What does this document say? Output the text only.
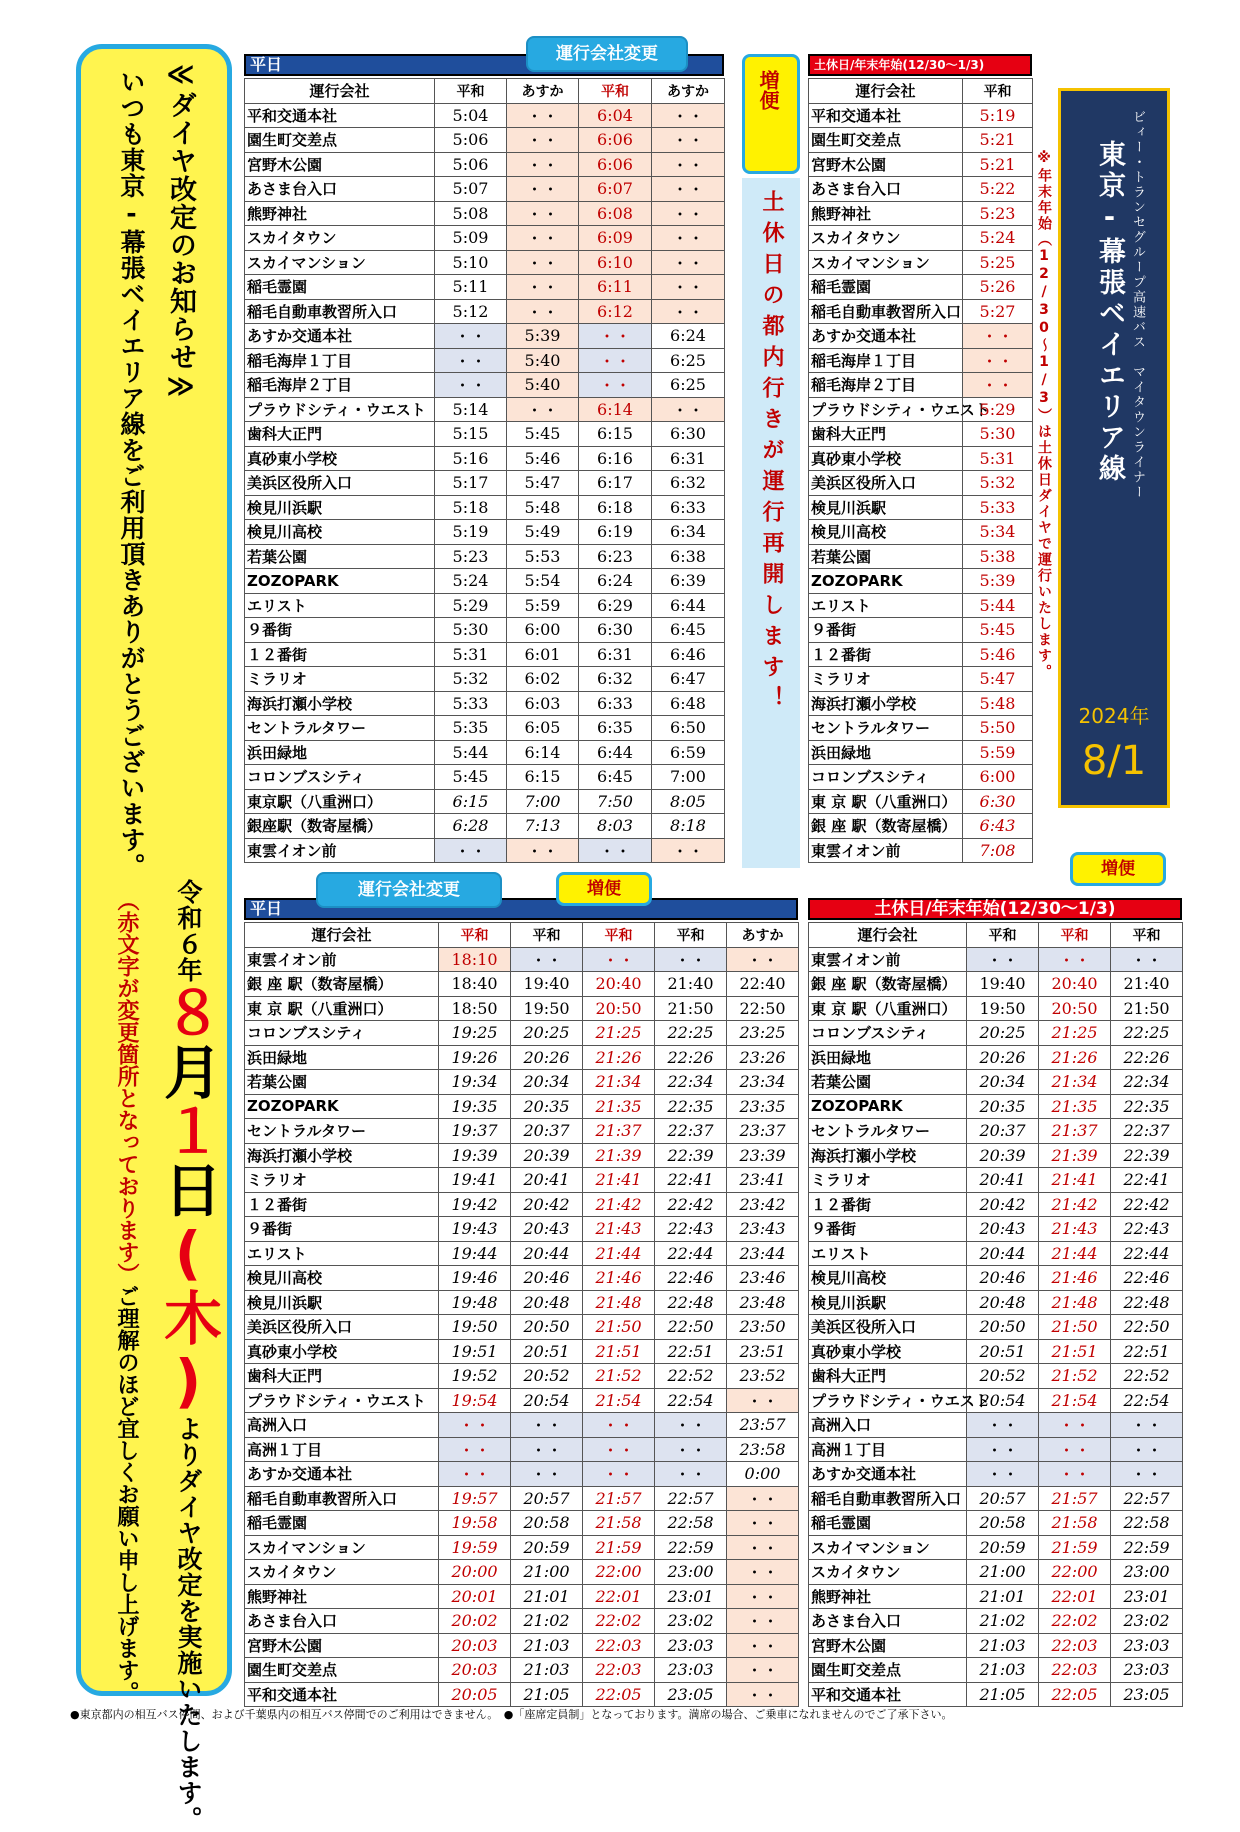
≪ダイヤ改定のお知らせ≫
いつも東京-幕張ベイエリア線をご利用頂きありがとうございます。
令和６年８月１日(木)よりダイヤ改定を実施いたします。
（赤文字が変更箇所となっております）ご理解のほど宜しくお願い申し上げます。
平日
運行会社	平和	あすか	平和	あすか
平和交通本社	5:04	・・	6:04	・・
園生町交差点	5:06	・・	6:06	・・
宮野木公園	5:06	・・	6:06	・・
あさま台入口	5:07	・・	6:07	・・
熊野神社	5:08	・・	6:08	・・
スカイタウン	5:09	・・	6:09	・・
スカイマンション	5:10	・・	6:10	・・
稲毛霊園	5:11	・・	6:11	・・
稲毛自動車教習所入口	5:12	・・	6:12	・・
あすか交通本社	・・	5:39	・・	6:24
稲毛海岸１丁目	・・	5:40	・・	6:25
稲毛海岸２丁目	・・	5:40	・・	6:25
プラウドシティ・ウエスト	5:14	・・	6:14	・・
歯科大正門	5:15	5:45	6:15	6:30
真砂東小学校	5:16	5:46	6:16	6:31
美浜区役所入口	5:17	5:47	6:17	6:32
検見川浜駅	5:18	5:48	6:18	6:33
検見川高校	5:19	5:49	6:19	6:34
若葉公園	5:23	5:53	6:23	6:38
ZOZOPARK	5:24	5:54	6:24	6:39
エリスト	5:29	5:59	6:29	6:44
９番街	5:30	6:00	6:30	6:45
１２番街	5:31	6:01	6:31	6:46
ミラリオ	5:32	6:02	6:32	6:47
海浜打瀬小学校	5:33	6:03	6:33	6:48
セントラルタワー	5:35	6:05	6:35	6:50
浜田緑地	5:44	6:14	6:44	6:59
コロンブスシティ	5:45	6:15	6:45	7:00
東京駅（八重洲口）	6:15	7:00	7:50	8:05
銀座駅（数寄屋橋）	6:28	7:13	8:03	8:18
東雲イオン前	・・	・・	・・	・・
運行会社変更
土休日/年末年始(12/30～1/3)
運行会社	平和
平和交通本社	5:19
園生町交差点	5:21
宮野木公園	5:21
あさま台入口	5:22
熊野神社	5:23
スカイタウン	5:24
スカイマンション	5:25
稲毛霊園	5:26
稲毛自動車教習所入口	5:27
あすか交通本社	・・
稲毛海岸１丁目	・・
稲毛海岸２丁目	・・
プラウドシティ・ウエスト	5:29
歯科大正門	5:30
真砂東小学校	5:31
美浜区役所入口	5:32
検見川浜駅	5:33
検見川高校	5:34
若葉公園	5:38
ZOZOPARK	5:39
エリスト	5:44
９番街	5:45
１２番街	5:46
ミラリオ	5:47
海浜打瀬小学校	5:48
セントラルタワー	5:50
浜田緑地	5:59
コロンブスシティ	6:00
東 京 駅（八重洲口）	6:30
銀 座 駅（数寄屋橋）	6:43
東雲イオン前	7:08
増便
土休日の都内行きが運行再開します！	※年末年始（12/30～1/3）は土休日ダイヤで運行いたします。	ビィー・トランセグループ高速バス　マイタウンライナー
東京-幕張ベイエリア線
2024年
8/1
平日
運行会社	平和	平和	平和	平和	あすか
東雲イオン前	18:10	・・	・・	・・	・・
銀 座 駅（数寄屋橋）	18:40	19:40	20:40	21:40	22:40
東 京 駅（八重洲口）	18:50	19:50	20:50	21:50	22:50
コロンブスシティ	19:25	20:25	21:25	22:25	23:25
浜田緑地	19:26	20:26	21:26	22:26	23:26
若葉公園	19:34	20:34	21:34	22:34	23:34
ZOZOPARK	19:35	20:35	21:35	22:35	23:35
セントラルタワー	19:37	20:37	21:37	22:37	23:37
海浜打瀬小学校	19:39	20:39	21:39	22:39	23:39
ミラリオ	19:41	20:41	21:41	22:41	23:41
１２番街	19:42	20:42	21:42	22:42	23:42
９番街	19:43	20:43	21:43	22:43	23:43
エリスト	19:44	20:44	21:44	22:44	23:44
検見川高校	19:46	20:46	21:46	22:46	23:46
検見川浜駅	19:48	20:48	21:48	22:48	23:48
美浜区役所入口	19:50	20:50	21:50	22:50	23:50
真砂東小学校	19:51	20:51	21:51	22:51	23:51
歯科大正門	19:52	20:52	21:52	22:52	23:52
プラウドシティ・ウエスト	19:54	20:54	21:54	22:54	・・
高洲入口	・・	・・	・・	・・	23:57
高洲１丁目	・・	・・	・・	・・	23:58
あすか交通本社	・・	・・	・・	・・	0:00
稲毛自動車教習所入口	19:57	20:57	21:57	22:57	・・
稲毛霊園	19:58	20:58	21:58	22:58	・・
スカイマンション	19:59	20:59	21:59	22:59	・・
スカイタウン	20:00	21:00	22:00	23:00	・・
熊野神社	20:01	21:01	22:01	23:01	・・
あさま台入口	20:02	21:02	22:02	23:02	・・
宮野木公園	20:03	21:03	22:03	23:03	・・
園生町交差点	20:03	21:03	22:03	23:03	・・
平和交通本社	20:05	21:05	22:05	23:05	・・
運行会社変更	増便
土休日/年末年始(12/30～1/3)
運行会社	平和	平和	平和
東雲イオン前	・・	・・	・・
銀 座 駅（数寄屋橋）	19:40	20:40	21:40
東 京 駅（八重洲口）	19:50	20:50	21:50
コロンブスシティ	20:25	21:25	22:25
浜田緑地	20:26	21:26	22:26
若葉公園	20:34	21:34	22:34
ZOZOPARK	20:35	21:35	22:35
セントラルタワー	20:37	21:37	22:37
海浜打瀬小学校	20:39	21:39	22:39
ミラリオ	20:41	21:41	22:41
１２番街	20:42	21:42	22:42
９番街	20:43	21:43	22:43
エリスト	20:44	21:44	22:44
検見川高校	20:46	21:46	22:46
検見川浜駅	20:48	21:48	22:48
美浜区役所入口	20:50	21:50	22:50
真砂東小学校	20:51	21:51	22:51
歯科大正門	20:52	21:52	22:52
プラウドシティ・ウエスト	20:54	21:54	22:54
高洲入口	・・	・・	・・
高洲１丁目	・・	・・	・・
あすか交通本社	・・	・・	・・
稲毛自動車教習所入口	20:57	21:57	22:57
稲毛霊園	20:58	21:58	22:58
スカイマンション	20:59	21:59	22:59
スカイタウン	21:00	22:00	23:00
熊野神社	21:01	22:01	23:01
あさま台入口	21:02	22:02	23:02
宮野木公園	21:03	22:03	23:03
園生町交差点	21:03	22:03	23:03
平和交通本社	21:05	22:05	23:05
増便
●東京都内の相互バス停間、および千葉県内の相互バス停間でのご利用はできません。　●「座席定員制」となっております。満席の場合、ご乗車になれませんのでご了承下さい。
